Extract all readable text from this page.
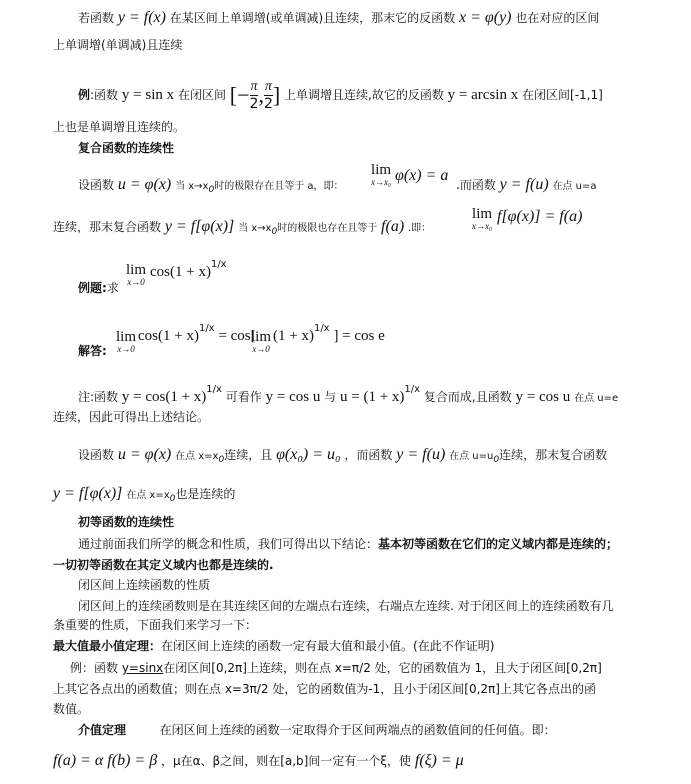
若函数 y = f(x) 在某区间上单调增(或单调减)且连续，那末它的反函数 x = φ(y) 也在对应的区间
上单调增(单调减)且连续
例:函数 y = sin x 在闭区间 [− $\frac{\pi}{2}$ , $\frac{\pi}{2}$ ] 上单调增且连续,故它的反函数 y = arcsin x 在闭区间[-1,1]
上也是单调增且连续的。
复合函数的连续性
设函数 u = φ(x) 当 $x\to x_0$时的极限存在且等于 a，即：
lim
x→x₀ φ(x) = a
.而函数 y = f(u) 在点 u=a
连续，那末复合函数 y = f[φ(x)] 当 $x\to x_0$时的极限也存在且等于 f(a) .即：
lim
x→x₀
f[φ(x)] = f(a)
lim
x→0
$\cos(1 + x)^{1/x}$
例题:求
解答:
lim
x→0
$\cos(1 + x)^{1/x} = \cos$[
lim
x→0
$(1 + x)^{1/x}$ ] = cos e
注:函数 $y = \cos(1 + x)^{1/x}$ 可看作 y = cos u 与 $u = (1 + x)^{1/x}$ 复合而成,且函数 y = cos u 在点 u=e
连续，因此可得出上述结论。
设函数 u = φ(x) 在点 $x=x_0$连续，且 φ(x₀) = u₀ ，而函数 y = f(u) 在点 $u=u_0$连续，那末复合函数
y = f[φ(x)] 在点 $x=x_0$也是连续的
初等函数的连续性
通过前面我们所学的概念和性质，我们可得出以下结论：基本初等函数在它们的定义域内都是连续的；
一切初等函数在其定义域内也都是连续的.
闭区间上连续函数的性质
闭区间上的连续函数则是在其连续区间的左端点右连续，右端点左连续. 对于闭区间上的连续函数有几
条重要的性质，下面我们来学习一下：
最大值最小值定理：在闭区间上连续的函数一定有最大值和最小值。(在此不作证明)
例：函数 y=sinx在闭区间[0,2π]上连续，则在点 x=π/2 处，它的函数值为 1，且大于闭区间[0,2π]
上其它各点出的函数值；则在点 x=3π/2 处，它的函数值为-1，且小于闭区间[0,2π]上其它各点出的函
数值。
介值定理	在闭区间上连续的函数一定取得介于区间两端点的函数值间的任何值。即：
f(a) = α f(b) = β ，μ在α、β之间，则在[a,b]间一定有一个ξ，使 f(ξ) = μ
